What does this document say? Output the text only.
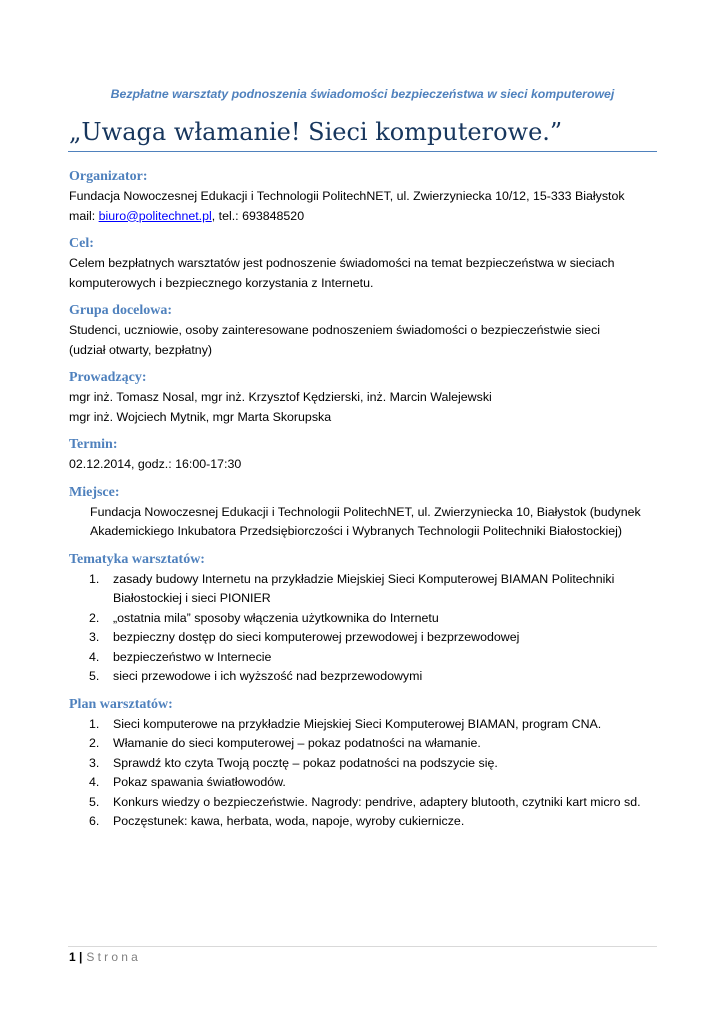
Bezpłatne warsztaty podnoszenia świadomości bezpieczeństwa w sieci komputerowej
„Uwaga włamanie! Sieci komputerowe.”
Organizator:
Fundacja Nowoczesnej Edukacji i Technologii PolitechNET, ul. Zwierzyniecka 10/12, 15-333 Białystok
mail: biuro@politechnet.pl, tel.: 693848520
Cel:
Celem bezpłatnych warsztatów jest podnoszenie świadomości na temat bezpieczeństwa w sieciach
komputerowych i bezpiecznego korzystania z Internetu.
Grupa docelowa:
Studenci, uczniowie, osoby zainteresowane podnoszeniem świadomości o bezpieczeństwie sieci
(udział otwarty, bezpłatny)
Prowadzący:
mgr inż. Tomasz Nosal, mgr inż. Krzysztof Kędzierski, inż. Marcin Walejewski
mgr inż. Wojciech Mytnik, mgr Marta Skorupska
Termin:
02.12.2014, godz.: 16:00-17:30
Miejsce:
Fundacja Nowoczesnej Edukacji i Technologii PolitechNET, ul. Zwierzyniecka 10, Białystok (budynek
Akademickiego Inkubatora Przedsiębiorczości i Wybranych Technologii Politechniki Białostockiej)
Tematyka warsztatów:
1.	zasady budowy Internetu na przykładzie Miejskiej Sieci Komputerowej BIAMAN Politechniki
Białostockiej i sieci PIONIER
2.	„ostatnia mila” sposoby włączenia użytkownika do Internetu
3.	bezpieczny dostęp do sieci komputerowej przewodowej i bezprzewodowej
4.	bezpieczeństwo w Internecie
5.	sieci przewodowe i ich wyższość nad bezprzewodowymi
Plan warsztatów:
1.	Sieci komputerowe na przykładzie Miejskiej Sieci Komputerowej BIAMAN, program CNA.
2.	Włamanie do sieci komputerowej – pokaz podatności na włamanie.
3.	Sprawdź kto czyta Twoją pocztę – pokaz podatności na podszycie się.
4.	Pokaz spawania światłowodów.
5.	Konkurs wiedzy o bezpieczeństwie. Nagrody: pendrive, adaptery blutooth, czytniki kart micro sd.
6.	Poczęstunek: kawa, herbata, woda, napoje, wyroby cukiernicze.
1 | Strona
